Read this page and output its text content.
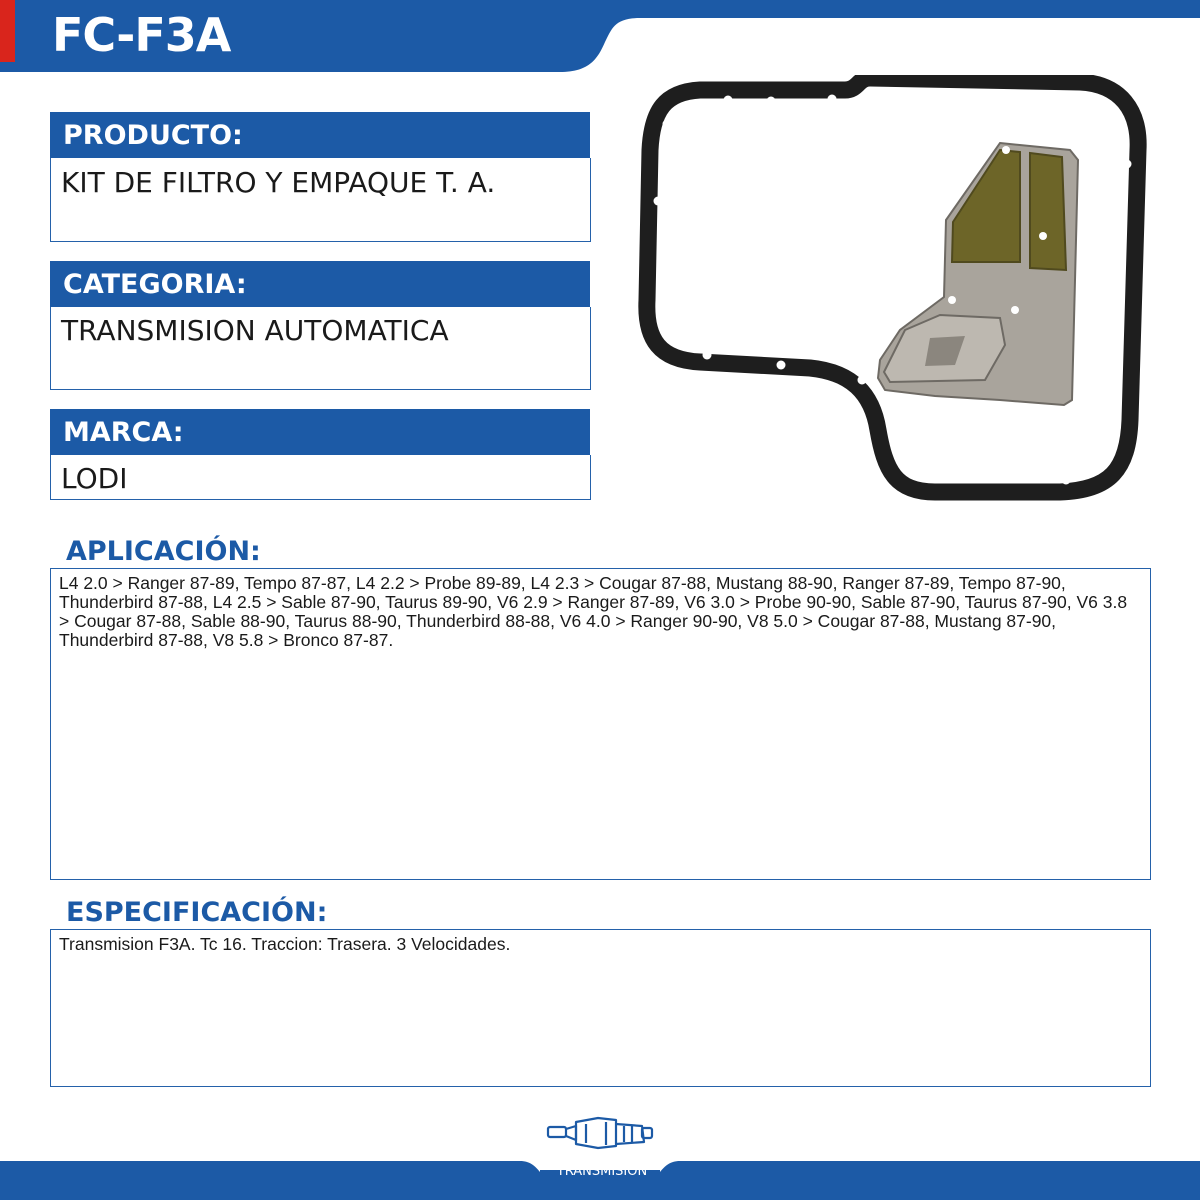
FC-F3A
PRODUCTO:
KIT DE FILTRO Y EMPAQUE T. A.
CATEGORIA:
TRANSMISION AUTOMATICA
MARCA:
LODI
APLICACIÓN:
L4 2.0 > Ranger 87-89, Tempo 87-87, L4 2.2 > Probe 89-89, L4 2.3 > Cougar 87-88, Mustang 88-90, Ranger 87-89, Tempo 87-90, Thunderbird 87-88, L4 2.5 > Sable 87-90, Taurus 89-90, V6 2.9 > Ranger 87-89, V6 3.0 > Probe 90-90, Sable 87-90, Taurus 87-90, V6 3.8 > Cougar 87-88, Sable 88-90, Taurus 88-90, Thunderbird 88-88, V6 4.0 > Ranger 90-90, V8 5.0 > Cougar 87-88, Mustang 87-90, Thunderbird 87-88, V8 5.8 > Bronco 87-87.
ESPECIFICACIÓN:
Transmision F3A. Tc 16. Traccion: Trasera. 3 Velocidades.
TRANSMISION
